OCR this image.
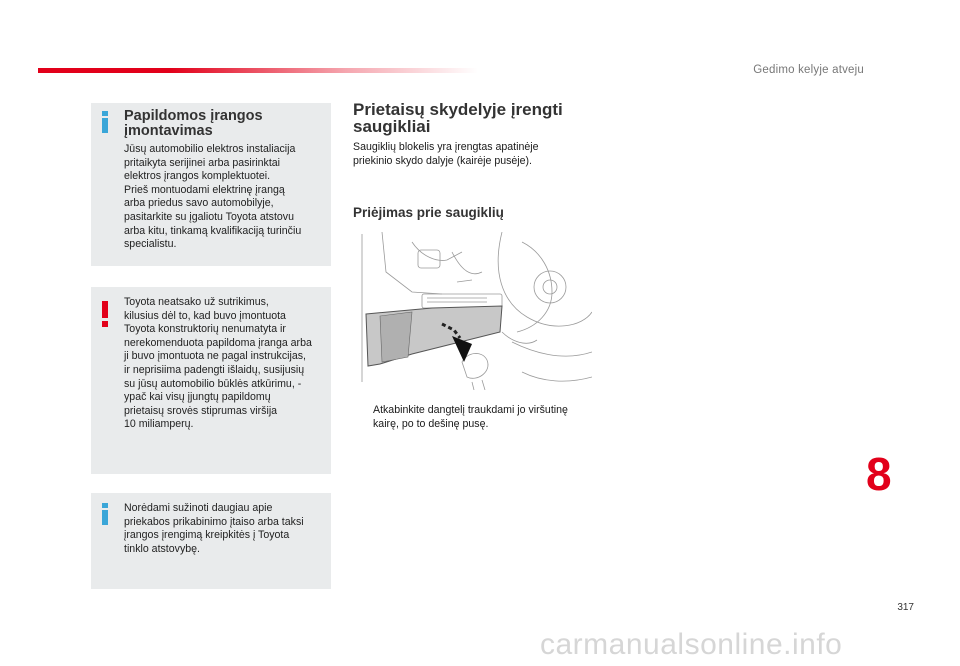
Gedimo kelyje atveju
Papildomos įrangos
įmontavimas
Jūsų automobilio elektros instaliacija
pritaikyta serijinei arba pasirinktai
elektros įrangos komplektuotei.
Prieš montuodami elektrinę įrangą
arba priedus savo automobilyje,
pasitarkite su įgaliotu Toyota atstovu
arba kitu, tinkamą kvalifikaciją turinčiu
specialistu.
Toyota neatsako už sutrikimus,
kilusius dėl to, kad buvo įmontuota
Toyota konstruktorių nenumatyta ir
nerekomenduota papildoma įranga arba
ji buvo įmontuota ne pagal instrukcijas,
ir neprisiima padengti išlaidų, susijusių
su jūsų automobilio būklės atkūrimu, -
ypač kai visų įjungtų papildomų
prietaisų srovės stiprumas viršija
10 miliamperų.
Norėdami sužinoti daugiau apie
priekabos prikabinimo įtaiso arba taksi
įrangos įrengimą kreipkitės į Toyota
tinklo atstovybę.
Prietaisų skydelyje įrengti
saugikliai
Saugiklių blokelis yra įrengtas apatinėje
priekinio skydo dalyje (kairėje pusėje).
Priėjimas prie saugiklių
Atkabinkite dangtelį traukdami jo viršutinę
kairę, po to dešinę pusę.
8
317
carmanualsonline.info
